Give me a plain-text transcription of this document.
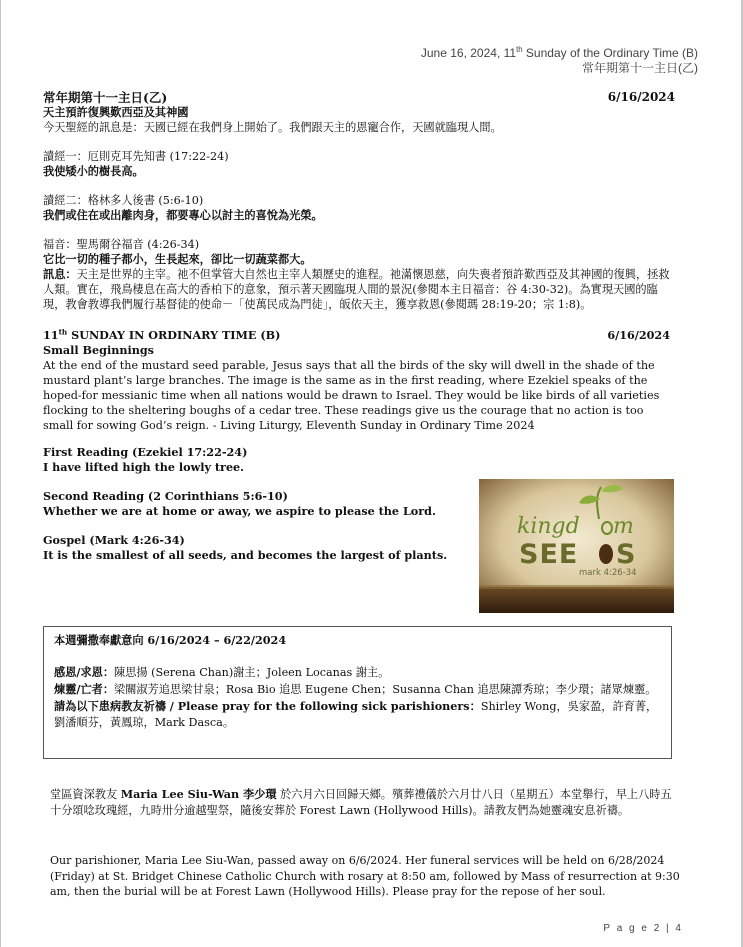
June 16, 2024, 11th Sunday of the Ordinary Time (B)
常年期第十一主日(乙)
常年期第十一主日(乙)	6/16/2024
天主預許復興歎西亞及其神國
今天聖經的訊息是：天國已經在我們身上開始了。我們跟天主的恩寵合作，天國就臨現人間。
讀經一：厄則克耳先知書 (17:22-24)
我使矮小的樹長高。
讀經二：格林多人後書 (5:6-10)
我們或住在或出離肉身，都要專心以討主的喜悅為光榮。
福音：聖馬爾谷福音 (4:26-34)
它比一切的種子都小，生長起來，卻比一切蔬菜都大。
訊息：天主是世界的主宰。祂不但掌管大自然也主宰人類歷史的進程。祂滿懷恩慈，向失喪者預許歎西亞及其神國的復興，拯救人類。實在，飛鳥棲息在高大的香柏下的意象，預示著天國臨現人間的景況(參閱本主日福音：谷 4:30-32)。為實現天國的臨現，教會教導我們履行基督徒的使命－「使萬民成為門徒」，皈依天主，獲享救恩(參閱瑪 28:19-20；宗 1:8)。
11th SUNDAY IN ORDINARY TIME (B)	6/16/2024
Small Beginnings
At the end of the mustard seed parable, Jesus says that all the birds of the sky will dwell in the shade of the mustard plant’s large branches. The image is the same as in the first reading, where Ezekiel speaks of the hoped-for messianic time when all nations would be drawn to Israel. They would be like birds of all varieties flocking to the sheltering boughs of a cedar tree. These readings give us the courage that no action is too small for sowing God’s reign. - Living Liturgy, Eleventh Sunday in Ordinary Time 2024
First Reading (Ezekiel 17:22-24)
I have lifted high the lowly tree.
Second Reading (2 Corinthians 5:6-10)
Whether we are at home or away, we aspire to please the Lord.
Gospel (Mark 4:26-34)
It is the smallest of all seeds, and becomes the largest of plants.
kingd m
SEE S
mark 4:26-34
本週彌撒奉獻意向 6/16/2024 – 6/22/2024
感恩/求恩：陳思揚 (Serena Chan)謝主；Joleen Locanas 謝主。
煉靈/亡者：梁關淑芳追思梁甘泉；Rosa Bio 追思 Eugene Chen；Susanna Chan 追思陳譚秀琼；李少環；諸眾煉靈。
請為以下患病教友祈禱 / Please pray for the following sick parishioners：Shirley Wong，吳家盈，許育菁，劉潘順芬，黃鳳琼，Mark Dasca。
堂區資深教友 Maria Lee Siu-Wan 李少環 於六月六日回歸天鄉。殯葬禮儀於六月廿八日（星期五）本堂舉行，早上八時五十分頌唸玫瑰經，九時卅分逾越聖祭，隨後安葬於 Forest Lawn (Hollywood Hills)。請教友們為她靈魂安息祈禱。
Our parishioner, Maria Lee Siu-Wan, passed away on 6/6/2024. Her funeral services will be held on 6/28/2024 (Friday) at St. Bridget Chinese Catholic Church with rosary at 8:50 am, followed by Mass of resurrection at 9:30 am, then the burial will be at Forest Lawn (Hollywood Hills). Please pray for the repose of her soul.
P a g e 2 | 4
